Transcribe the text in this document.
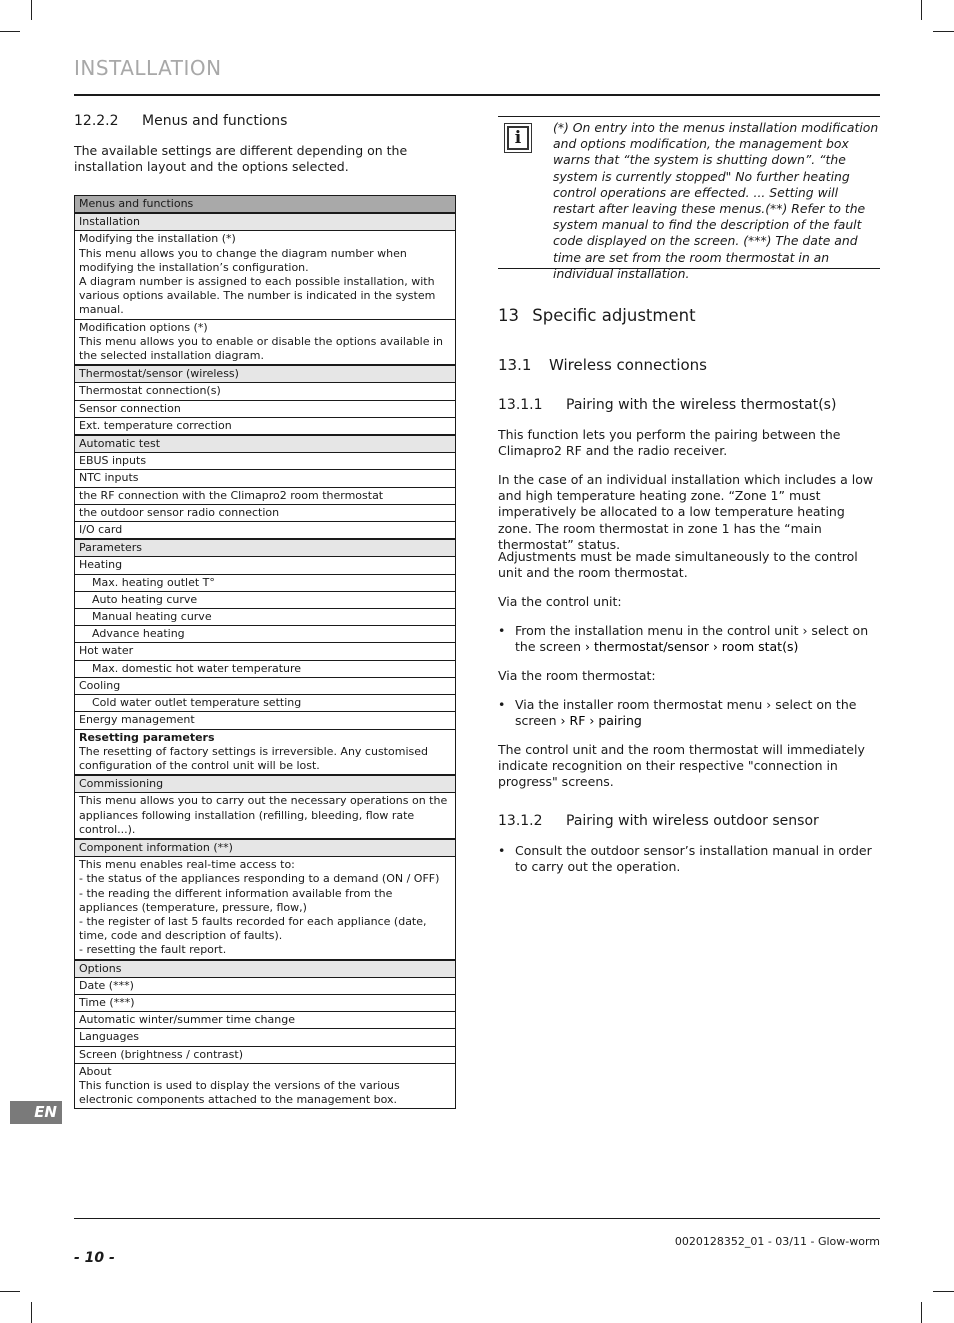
INSTALLATION
12.2.2 Menus and functions
The available settings are different depending on the installation layout and the options selected.
Menus and functions
Installation
Modifying the installation (*)
This menu allows you to change the diagram number when modifying the installation’s configuration.
A diagram number is assigned to each possible installation, with various options available. The number is indicated in the system manual.
Modification options (*)
This menu allows you to enable or disable the options available in the selected installation diagram.
Thermostat/sensor (wireless)
Thermostat connection(s)
Sensor connection
Ext. temperature correction
Automatic test
EBUS inputs
NTC inputs
the RF connection with the Climapro2 room thermostat
the outdoor sensor radio connection
I/O card
Parameters
Heating
Max. heating outlet T°
Auto heating curve
Manual heating curve
Advance heating
Hot water
Max. domestic hot water temperature
Cooling
Cold water outlet temperature setting
Energy management

Resetting parameters
The resetting of factory settings is irreversible. Any customised configuration of the control unit will be lost.
Commissioning
This menu allows you to carry out the necessary operations on the appliances following installation (refilling, bleeding, flow rate control...).
Component information (**)
This menu enables real-time access to:
- the status of the appliances responding to a demand (ON / OFF)
- the reading the different information available from the appliances (temperature, pressure, flow,)
- the register of last 5 faults recorded for each appliance (date, time, code and description of faults).
- resetting the fault report.
Options
Date (***)
Time (***)
Automatic winter/summer time change
Languages
Screen (brightness / contrast)
About
This function is used to display the versions of the various electronic components attached to the management box.
i	(*) On entry into the menus installation modification and options modification, the management box warns that “the system is shutting down”. “the system is currently stopped" No further heating control operations are effected. ... Setting will restart after leaving these menus.(**) Refer to the system manual to find the description of the fault code displayed on the screen. (***) The date and time are set from the room thermostat in an individual installation.
13 Specific adjustment
13.1 Wireless connections
13.1.1 Pairing with the wireless thermostat(s)
This function lets you perform the pairing between the Climapro2 RF and the radio receiver.
In the case of an individual installation which includes a low and high temperature heating zone. “Zone 1” must imperatively be allocated to a low temperature heating zone. The room thermostat in zone 1 has the “main thermostat” status.
Adjustments must be made simultaneously to the control unit and the room thermostat.
Via the control unit:
• From the installation menu in the control unit › select on the screen › thermostat/sensor › room stat(s)
Via the room thermostat:
• Via the installer room thermostat menu › select on the screen › RF › pairing
The control unit and the room thermostat will immediately indicate recognition on their respective "connection in progress" screens.
13.1.2 Pairing with wireless outdoor sensor
• Consult the outdoor sensor’s installation manual in order to carry out the operation.
EN
0020128352_01 - 03/11 - Glow-worm
- 10 -
